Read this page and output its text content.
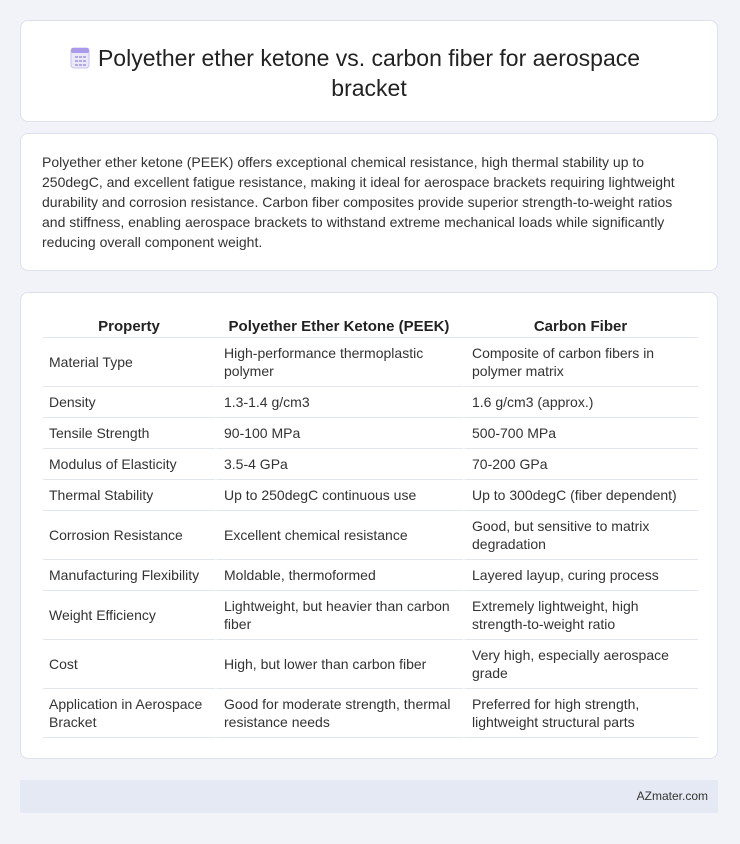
Polyether ether ketone vs. carbon fiber for aerospace bracket

Polyether ether ketone (PEEK) offers exceptional chemical resistance, high thermal stability up to 250degC, and excellent fatigue resistance, making it ideal for aerospace brackets requiring lightweight durability and corrosion resistance. Carbon fiber composites provide superior strength-to-weight ratios and stiffness, enabling aerospace brackets to withstand extreme mechanical loads while significantly reducing overall component weight.

Property	Polyether Ether Ketone (PEEK)	Carbon Fiber
Material Type	High-performance thermoplastic polymer	Composite of carbon fibers in polymer matrix
Density	1.3-1.4 g/cm3	1.6 g/cm3 (approx.)
Tensile Strength	90-100 MPa	500-700 MPa
Modulus of Elasticity	3.5-4 GPa	70-200 GPa
Thermal Stability	Up to 250degC continuous use	Up to 300degC (fiber dependent)
Corrosion Resistance	Excellent chemical resistance	Good, but sensitive to matrix degradation
Manufacturing Flexibility	Moldable, thermoformed	Layered layup, curing process
Weight Efficiency	Lightweight, but heavier than carbon fiber	Extremely lightweight, high strength-to-weight ratio
Cost	High, but lower than carbon fiber	Very high, especially aerospace grade
Application in Aerospace Bracket	Good for moderate strength, thermal resistance needs	Preferred for high strength, lightweight structural parts
AZmater.com
